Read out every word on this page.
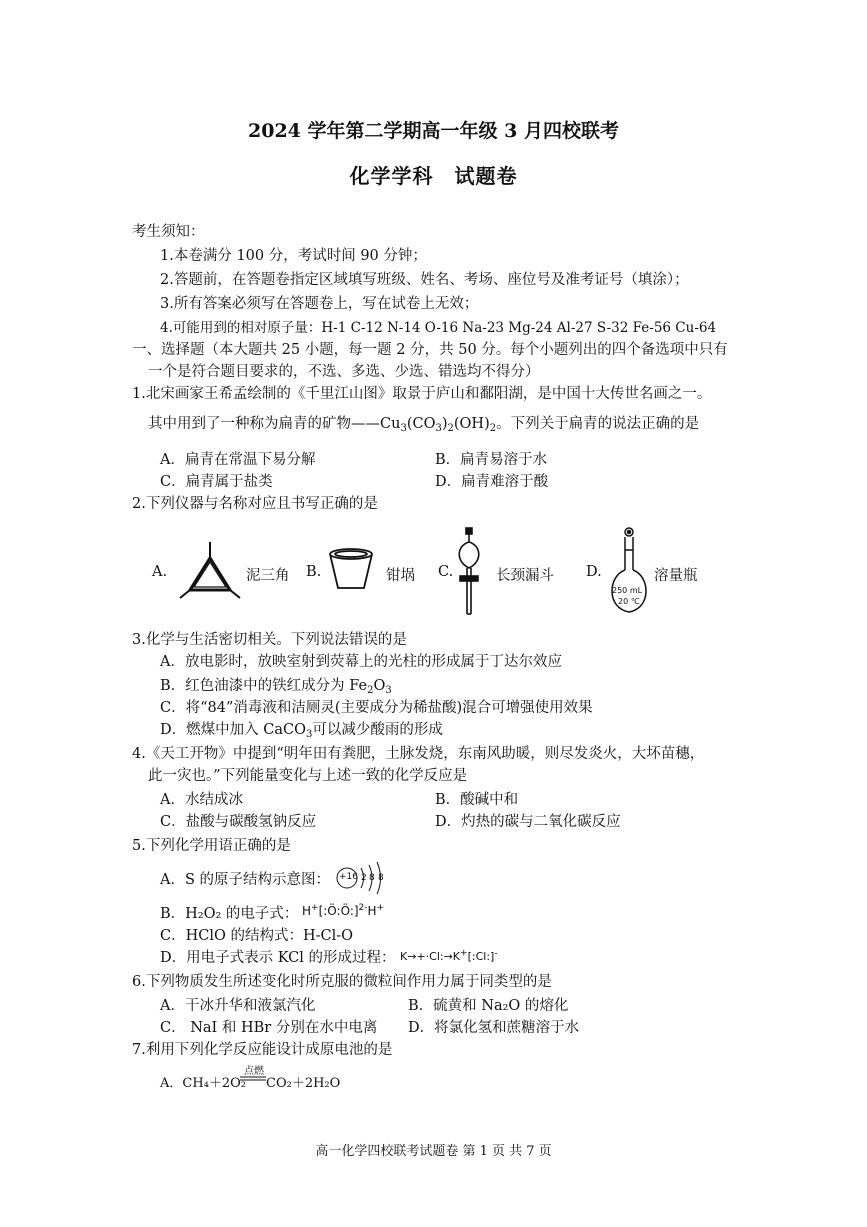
2024 学年第二学期高一年级 3 月四校联考
化学学科　试题卷
考生须知：
1.本卷满分 100 分，考试时间 90 分钟；
2.答题前，在答题卷指定区域填写班级、姓名、考场、座位号及准考证号（填涂）；
3.所有答案必须写在答题卷上，写在试卷上无效；
4.可能用到的相对原子量：H-1 C-12 N-14 O-16 Na-23 Mg-24 Al-27 S-32 Fe-56 Cu-64
一、选择题（本大题共 25 小题，每一题 2 分，共 50 分。每个小题列出的四个备选项中只有
一个是符合题目要求的，不选、多选、少选、错选均不得分）
1.北宋画家王希孟绘制的《千里江山图》取景于庐山和鄱阳湖，是中国十大传世名画之一。
其中用到了一种称为扁青的矿物$——Cu_3(CO_3)_2(OH)_2$。下列关于扁青的说法正确的是
A．扁青在常温下易分解	B．扁青易溶于水
C．扁青属于盐类	D．扁青难溶于酸
2.下列仪器与名称对应且书写正确的是
A.	泥三角 B.	钳埚 C.	长颈漏斗 D.
250 mL
20 ℃
溶量瓶
3.化学与生活密切相关。下列说法错误的是
A．放电影时，放映室射到荧幕上的光柱的形成属于丁达尔效应
B．红色油漆中的铁红成分为 $Fe_2O_3$
C．将“84”消毒液和洁厕灵(主要成分为稀盐酸)混合可增强使用效果
D．燃煤中加入 CaCO$_3$可以减少酸雨的形成
4.《天工开物》中提到“明年田有粪肥，土脉发烧，东南风助暖，则尽发炎火，大坏苗穗，
此一灾也。”下列能量变化与上述一致的化学反应是
A．水结成冰	B．酸碱中和
C．盐酸与碳酸氢钠反应	D．灼热的碳与二氧化碳反应
5.下列化学用语正确的是
A．S 的原子结构示意图： +16 2 8 8
B．H₂O₂ 的电子式： H+[:Ö:Ö:]$^{2-}$H+
C．HClO 的结构式：H-Cl-O
D．用电子式表示 KCl 的形成过程： K→+·Cl:→K+[:Cl:]-
6.下列物质发生所述变化时所克服的微粒间作用力属于同类型的是
A．干冰升华和液氯汽化	B．硫黄和 Na₂O 的熔化
C． NaI 和 HBr 分别在水中电离 D．将氯化氢和蔗糖溶于水
7.利用下列化学反应能设计成原电池的是
A．CH₄＋2O₂
点燃
CO₂＋2H₂O
高一化学四校联考试题卷 第 1 页 共 7 页
